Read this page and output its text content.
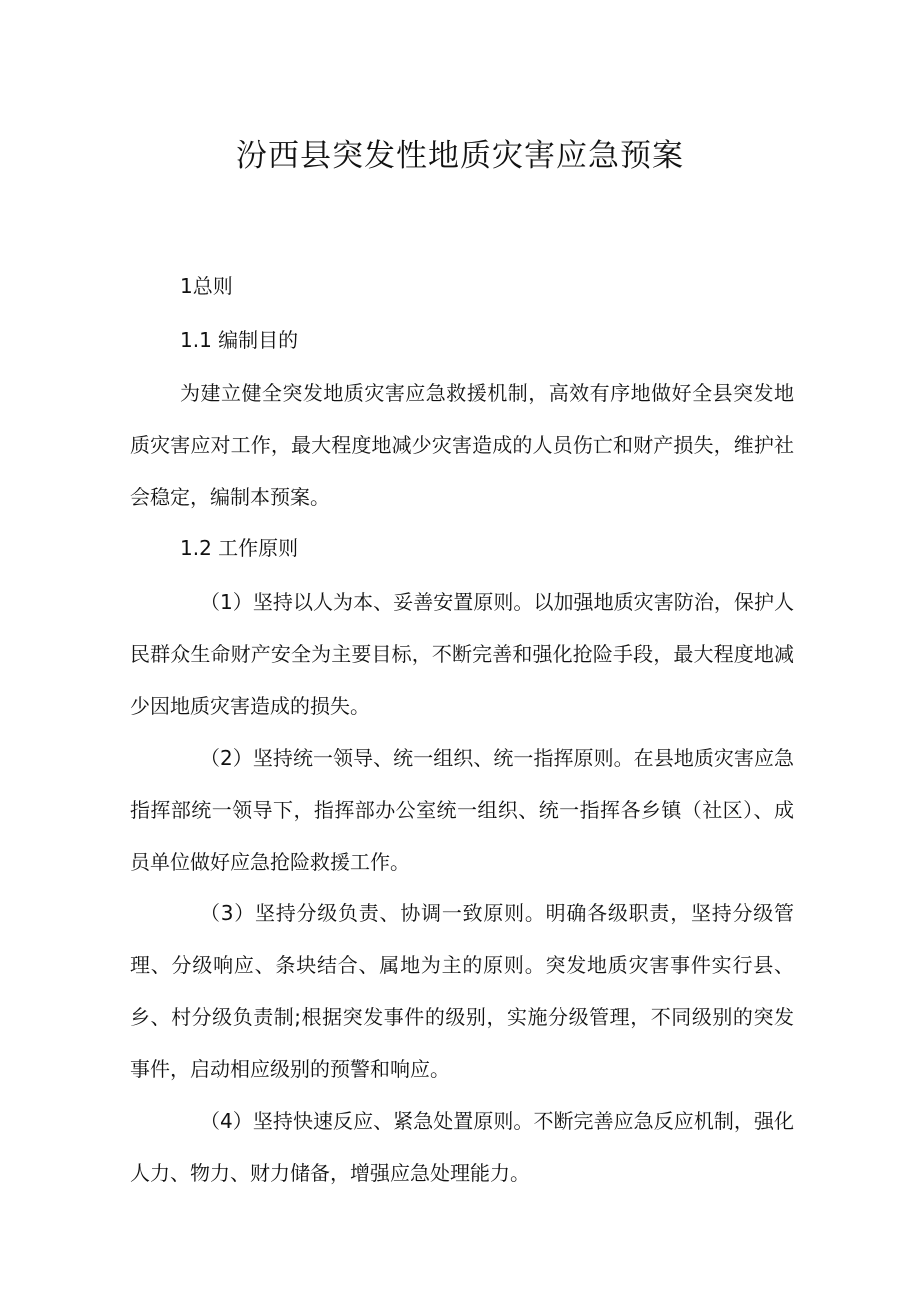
汾西县突发性地质灾害应急预案
1总则
1.1 编制目的

为建立健全突发地质灾害应急救援机制，高效有序地做好全县突发地质灾害应对工作，最大程度地减少灾害造成的人员伤亡和财产损失，维护社会稳定，编制本预案。

1.2 工作原则

（1）坚持以人为本、妥善安置原则。以加强地质灾害防治，保护人民群众生命财产安全为主要目标，不断完善和强化抢险手段，最大程度地减少因地质灾害造成的损失。

（2）坚持统一领导、统一组织、统一指挥原则。在县地质灾害应急指挥部统一领导下，指挥部办公室统一组织、统一指挥各乡镇（社区）、成员单位做好应急抢险救援工作。

（3）坚持分级负责、协调一致原则。明确各级职责，坚持分级管理、分级响应、条块结合、属地为主的原则。突发地质灾害事件实行县、乡、村分级负责制;根据突发事件的级别，实施分级管理，不同级别的突发事件，启动相应级别的预警和响应。

（4）坚持快速反应、紧急处置原则。不断完善应急反应机制，强化人力、物力、财力储备，增强应急处理能力。
